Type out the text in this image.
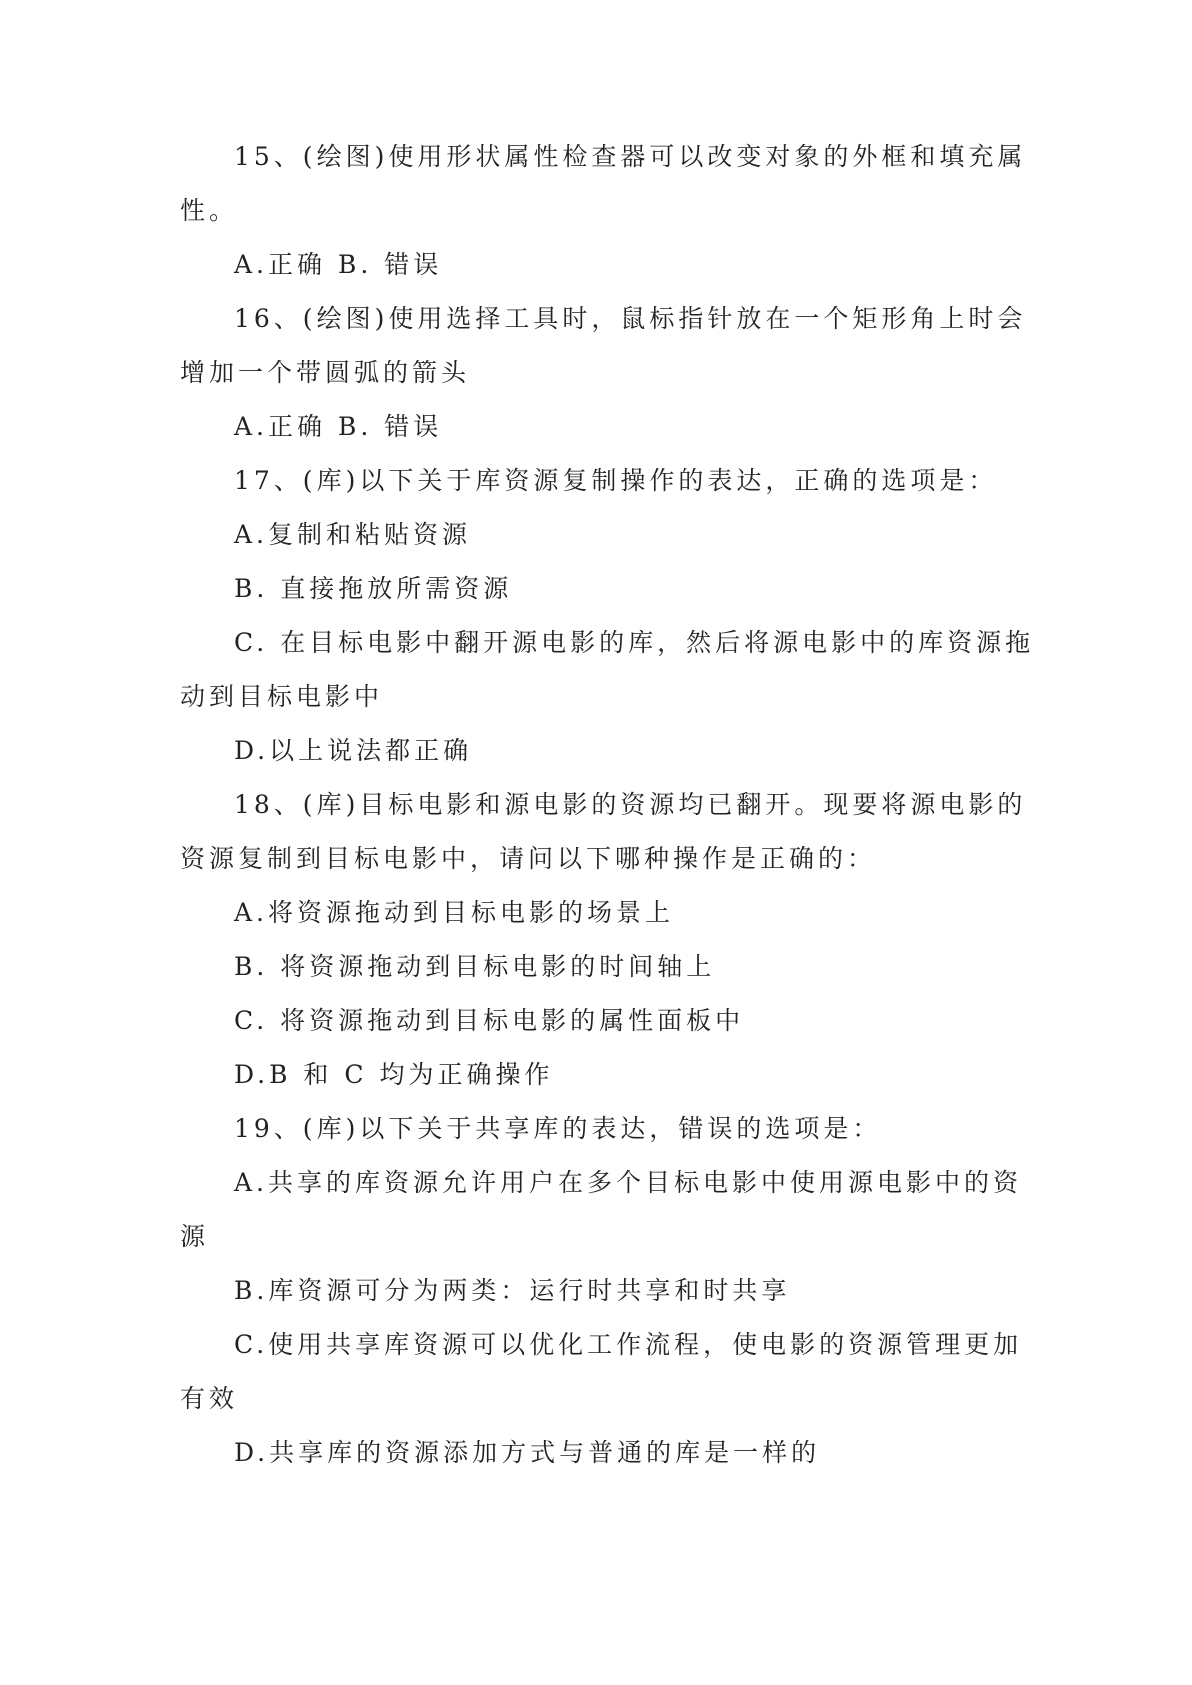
15、(绘图)使用形状属性检查器可以改变对象的外框和填充属
性。
A.正确 B. 错误
16、(绘图)使用选择工具时，鼠标指针放在一个矩形角上时会
增加一个带圆弧的箭头
A.正确 B. 错误
17、(库)以下关于库资源复制操作的表达，正确的选项是：
A.复制和粘贴资源
B. 直接拖放所需资源
C. 在目标电影中翻开源电影的库，然后将源电影中的库资源拖
动到目标电影中
D.以上说法都正确
18、(库)目标电影和源电影的资源均已翻开。现要将源电影的
资源复制到目标电影中，请问以下哪种操作是正确的：
A.将资源拖动到目标电影的场景上
B. 将资源拖动到目标电影的时间轴上
C. 将资源拖动到目标电影的属性面板中
D.B 和 C 均为正确操作
19、(库)以下关于共享库的表达，错误的选项是：
A.共享的库资源允许用户在多个目标电影中使用源电影中的资
源
B.库资源可分为两类：运行时共享和时共享
C.使用共享库资源可以优化工作流程，使电影的资源管理更加
有效
D.共享库的资源添加方式与普通的库是一样的
